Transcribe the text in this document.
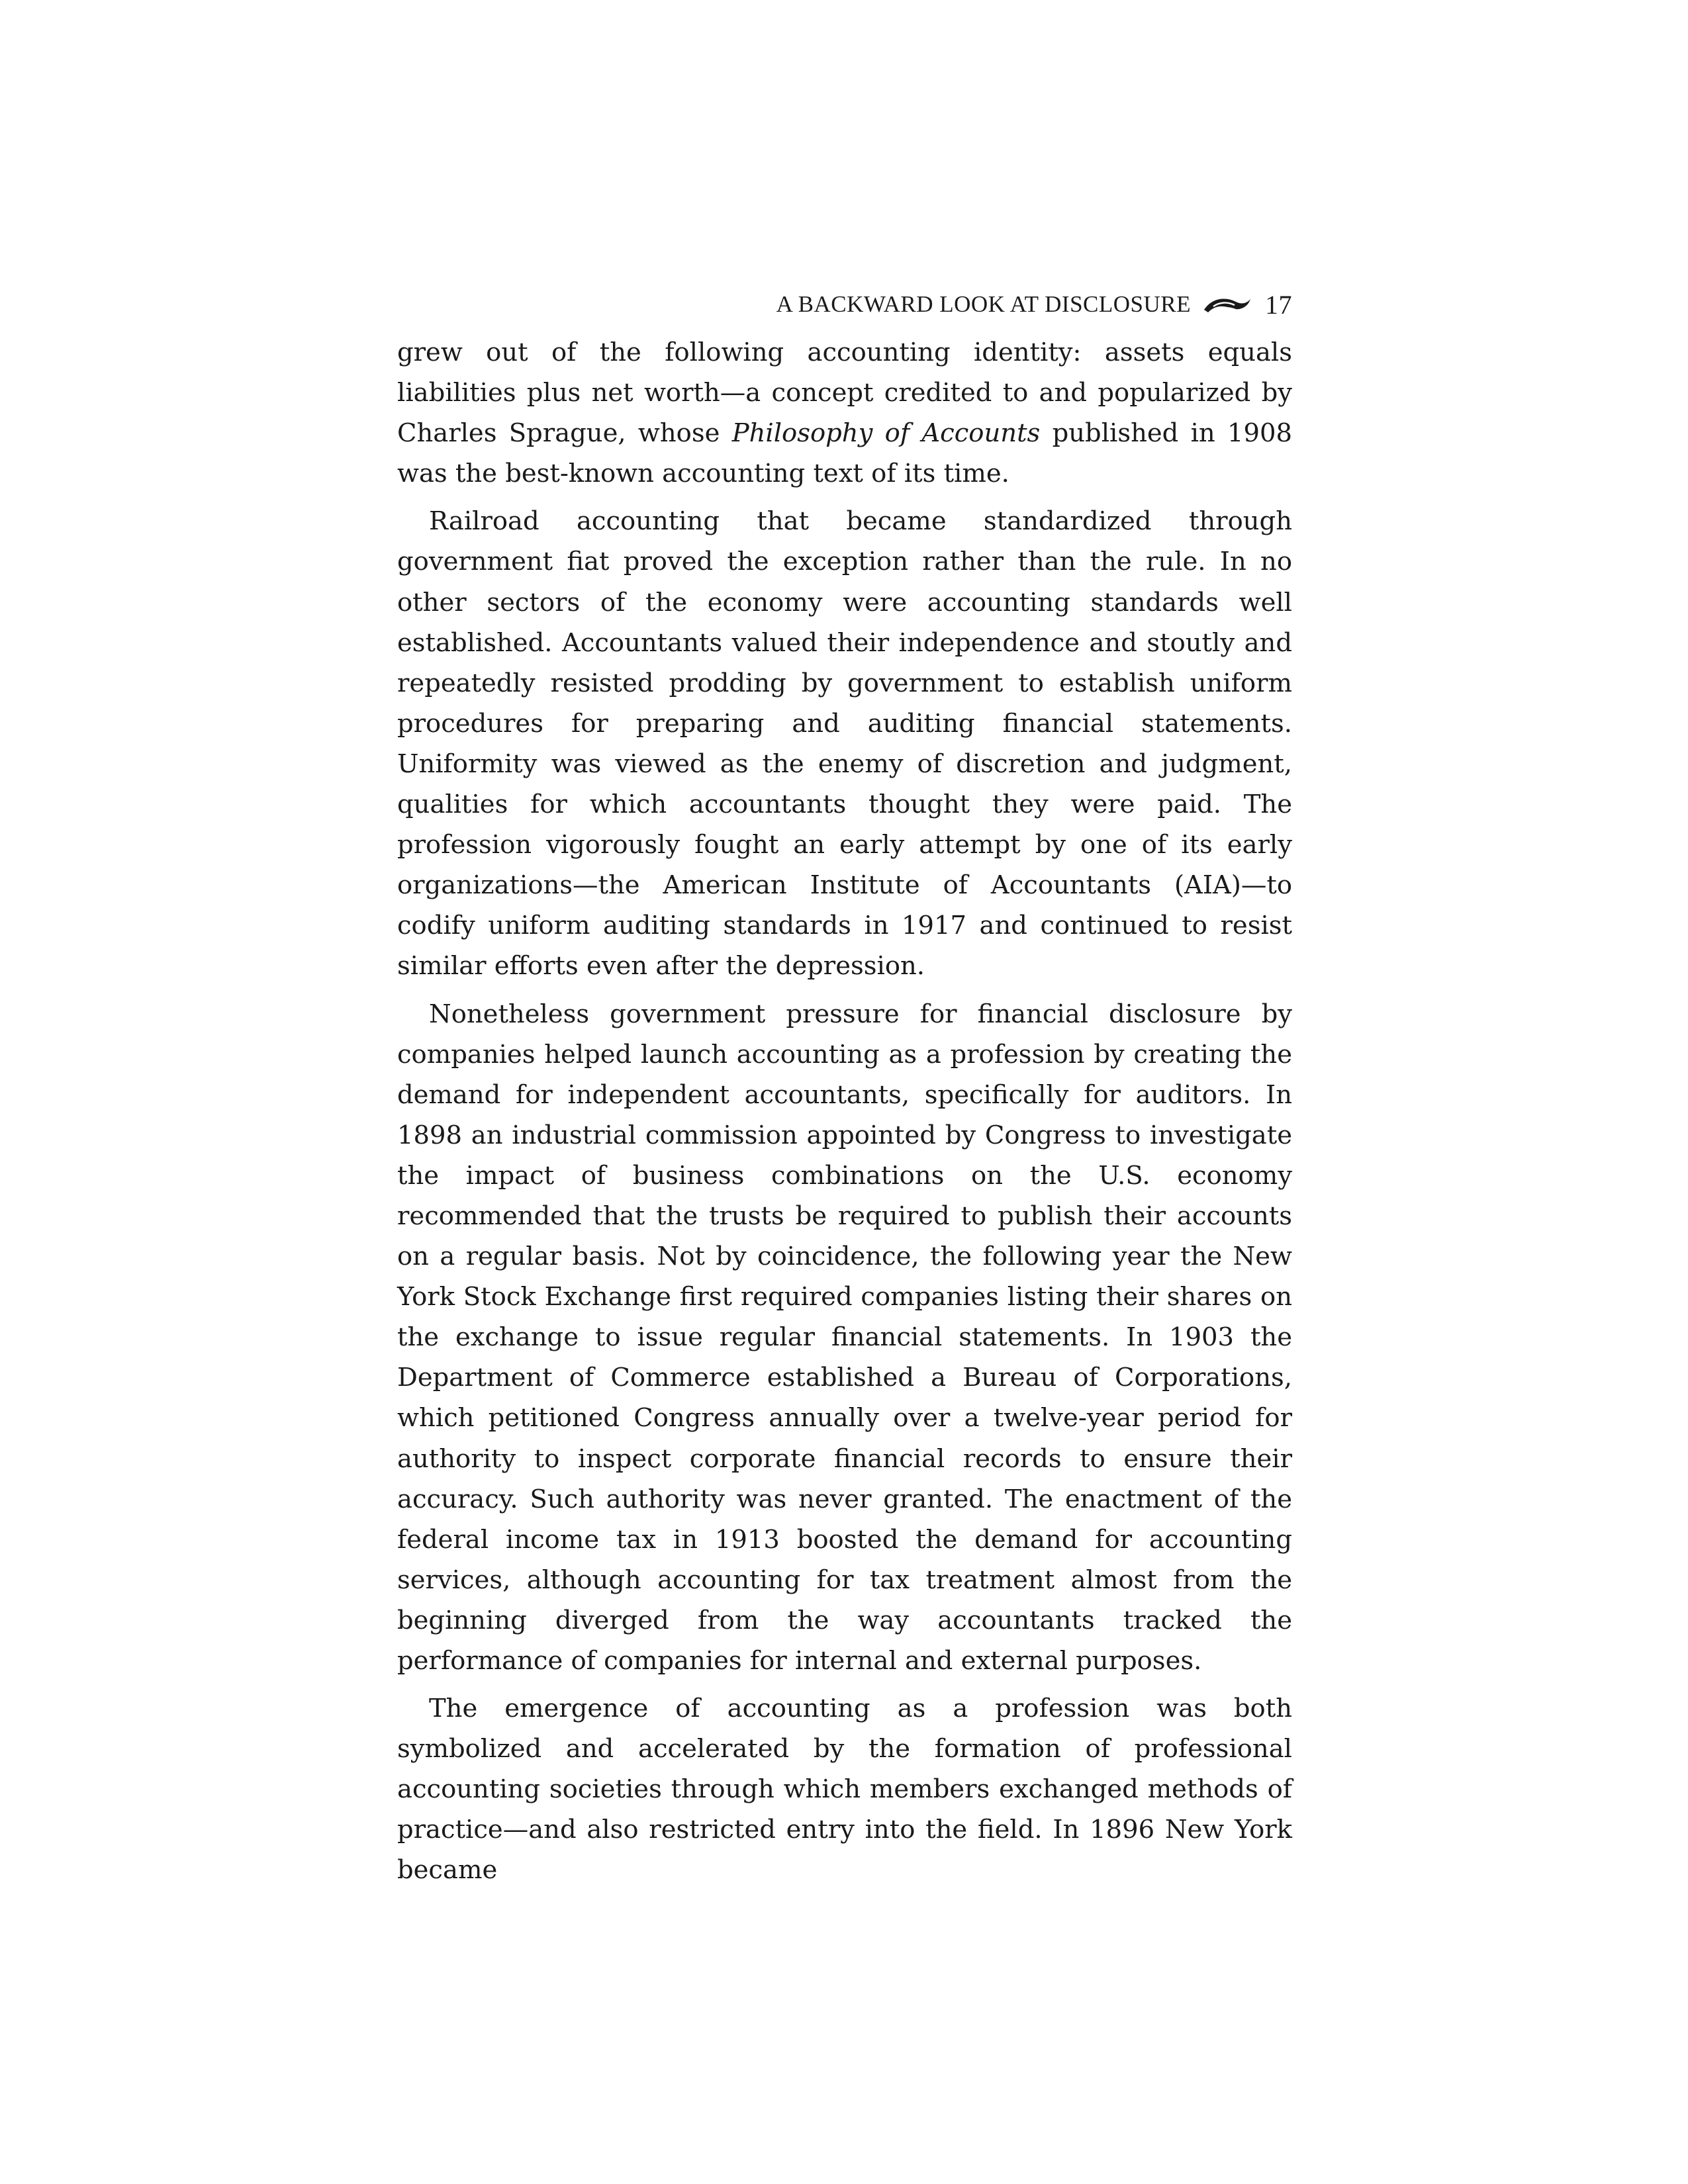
A BACKWARD LOOK AT DISCLOSURE	17

grew out of the following accounting identity: assets equals liabilities plus net worth—a concept credited to and popularized by Charles Sprague, whose Philosophy of Accounts published in 1908 was the best-known accounting text of its time.

Railroad accounting that became standardized through government fiat proved the exception rather than the rule. In no other sectors of the economy were accounting standards well established. Accountants valued their independence and stoutly and repeatedly resisted prodding by government to establish uniform procedures for preparing and auditing financial statements. Uniformity was viewed as the enemy of discretion and judgment, qualities for which accountants thought they were paid. The profession vigorously fought an early attempt by one of its early organizations—the American Institute of Accountants (AIA)—to codify uniform auditing standards in 1917 and continued to resist similar efforts even after the depression.

Nonetheless government pressure for financial disclosure by companies helped launch accounting as a profession by creating the demand for independent accountants, specifically for auditors. In 1898 an industrial commission appointed by Congress to investigate the impact of business combinations on the U.S. economy recommended that the trusts be required to publish their accounts on a regular basis. Not by coincidence, the following year the New York Stock Exchange first required companies listing their shares on the exchange to issue regular financial statements. In 1903 the Department of Commerce established a Bureau of Corporations, which petitioned Congress annually over a twelve-year period for authority to inspect corporate financial records to ensure their accuracy. Such authority was never granted. The enactment of the federal income tax in 1913 boosted the demand for accounting services, although accounting for tax treatment almost from the beginning diverged from the way accountants tracked the performance of companies for internal and external purposes.

The emergence of accounting as a profession was both symbolized and accelerated by the formation of professional accounting societies through which members exchanged methods of practice—and also restricted entry into the field. In 1896 New York became
